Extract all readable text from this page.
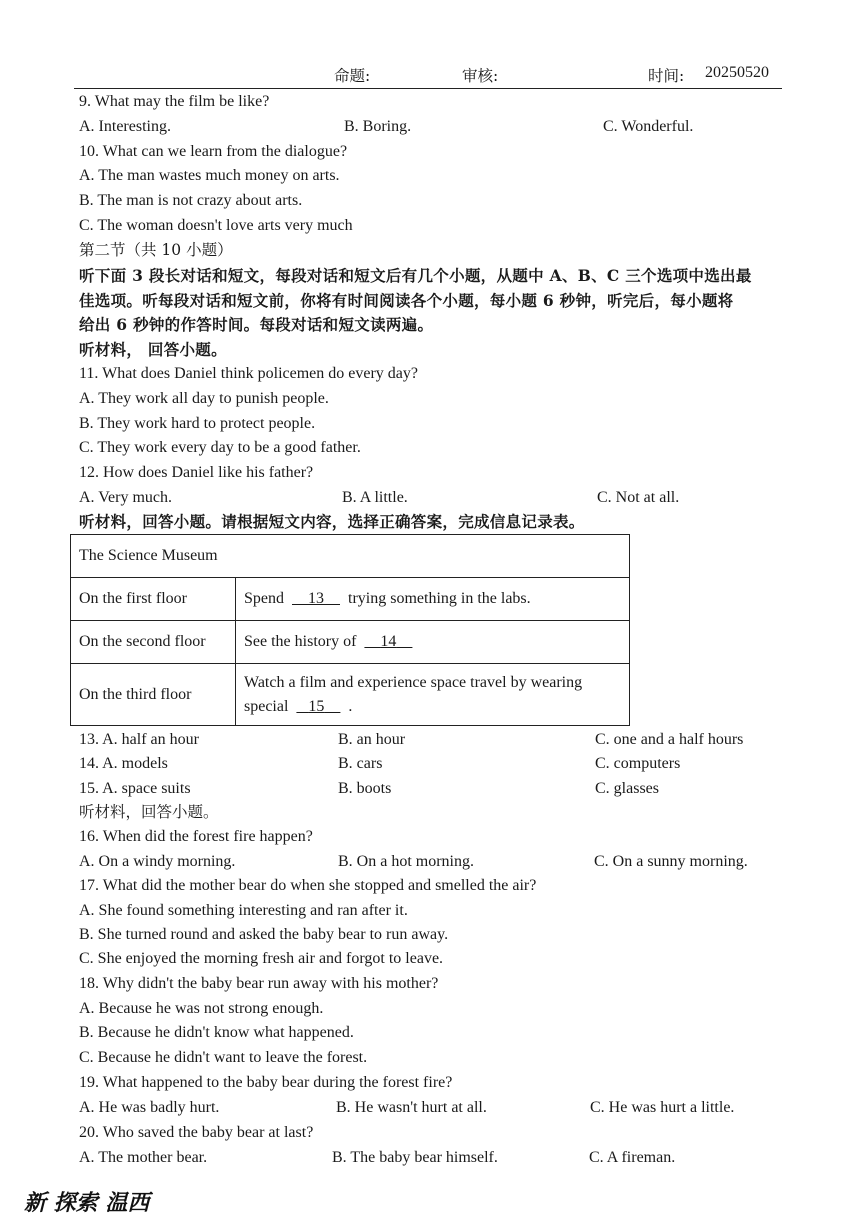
命题:	审核:	时间: 20250520
9. What may the film be like?
A. Interesting.	B. Boring.	C. Wonderful.
10. What can we learn from the dialogue?
A. The man wastes much money on arts.
B. The man is not crazy about arts.
C. The woman doesn't love arts very much
第二节（共 10 小题）
听下面 3 段长对话和短文，每段对话和短文后有几个小题，从题中 A、B、C 三个选项中选出最
佳选项。听每段对话和短文前，你将有时间阅读各个小题，每小题 6 秒钟，听完后，每小题将
给出 6 秒钟的作答时间。每段对话和短文读两遍。
听材料， 回答小题。
11. What does Daniel think policemen do every day?
A. They work all day to punish people.
B. They work hard to protect people.
C. They work every day to be a good father.
12. How does Daniel like his father?
A. Very much.	B. A little.	C. Not at all.
听材料，回答小题。请根据短文内容，选择正确答案，完成信息记录表。
The Science Museum	
On the first floor	Spend 13 trying something in the labs.
On the second floor	See the history of 14
On the third floor	Watch a film and experience space travel by wearing special 15 .
13. A. half an hour	B. an hour	C. one and a half hours
14. A. models	B. cars	C. computers
15. A. space suits	B. boots	C. glasses
听材料，回答小题。
16. When did the forest fire happen?
A. On a windy morning.	B. On a hot morning.	C. On a sunny morning.
17. What did the mother bear do when she stopped and smelled the air?
A. She found something interesting and ran after it.
B. She turned round and asked the baby bear to run away.
C. She enjoyed the morning fresh air and forgot to leave.
18. Why didn't the baby bear run away with his mother?
A. Because he was not strong enough.
B. Because he didn't know what happened.
C. Because he didn't want to leave the forest.
19. What happened to the baby bear during the forest fire?
A. He was badly hurt.	B. He wasn't hurt at all.	C. He was hurt a little.
20. Who saved the baby bear at last?
A. The mother bear.	B. The baby bear himself.	C. A fireman.
新 探索 温西
